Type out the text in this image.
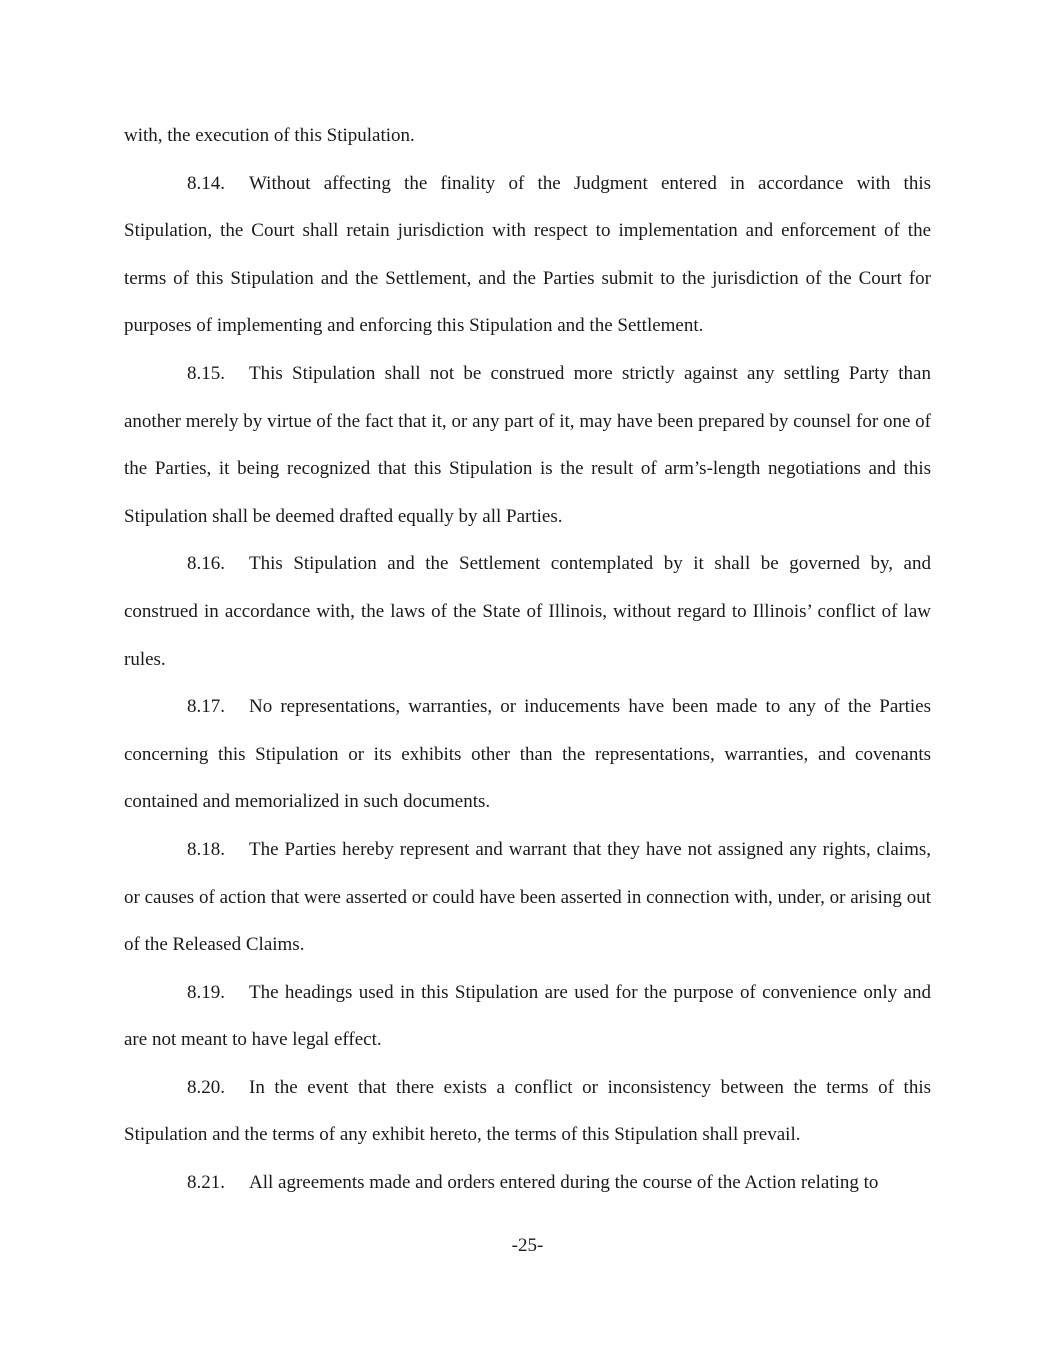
with, the execution of this Stipulation.

8.14. Without affecting the finality of the Judgment entered in accordance with this Stipulation, the Court shall retain jurisdiction with respect to implementation and enforcement of the terms of this Stipulation and the Settlement, and the Parties submit to the jurisdiction of the Court for purposes of implementing and enforcing this Stipulation and the Settlement.

8.15. This Stipulation shall not be construed more strictly against any settling Party than another merely by virtue of the fact that it, or any part of it, may have been prepared by counsel for one of the Parties, it being recognized that this Stipulation is the result of arm’s-length negotiations and this Stipulation shall be deemed drafted equally by all Parties.

8.16. This Stipulation and the Settlement contemplated by it shall be governed by, and construed in accordance with, the laws of the State of Illinois, without regard to Illinois’ conflict of law rules.

8.17. No representations, warranties, or inducements have been made to any of the Parties concerning this Stipulation or its exhibits other than the representations, warranties, and covenants contained and memorialized in such documents.

8.18. The Parties hereby represent and warrant that they have not assigned any rights, claims, or causes of action that were asserted or could have been asserted in connection with, under, or arising out of the Released Claims.

8.19. The headings used in this Stipulation are used for the purpose of convenience only and are not meant to have legal effect.

8.20. In the event that there exists a conflict or inconsistency between the terms of this Stipulation and the terms of any exhibit hereto, the terms of this Stipulation shall prevail.

8.21. All agreements made and orders entered during the course of the Action relating to

-25-
